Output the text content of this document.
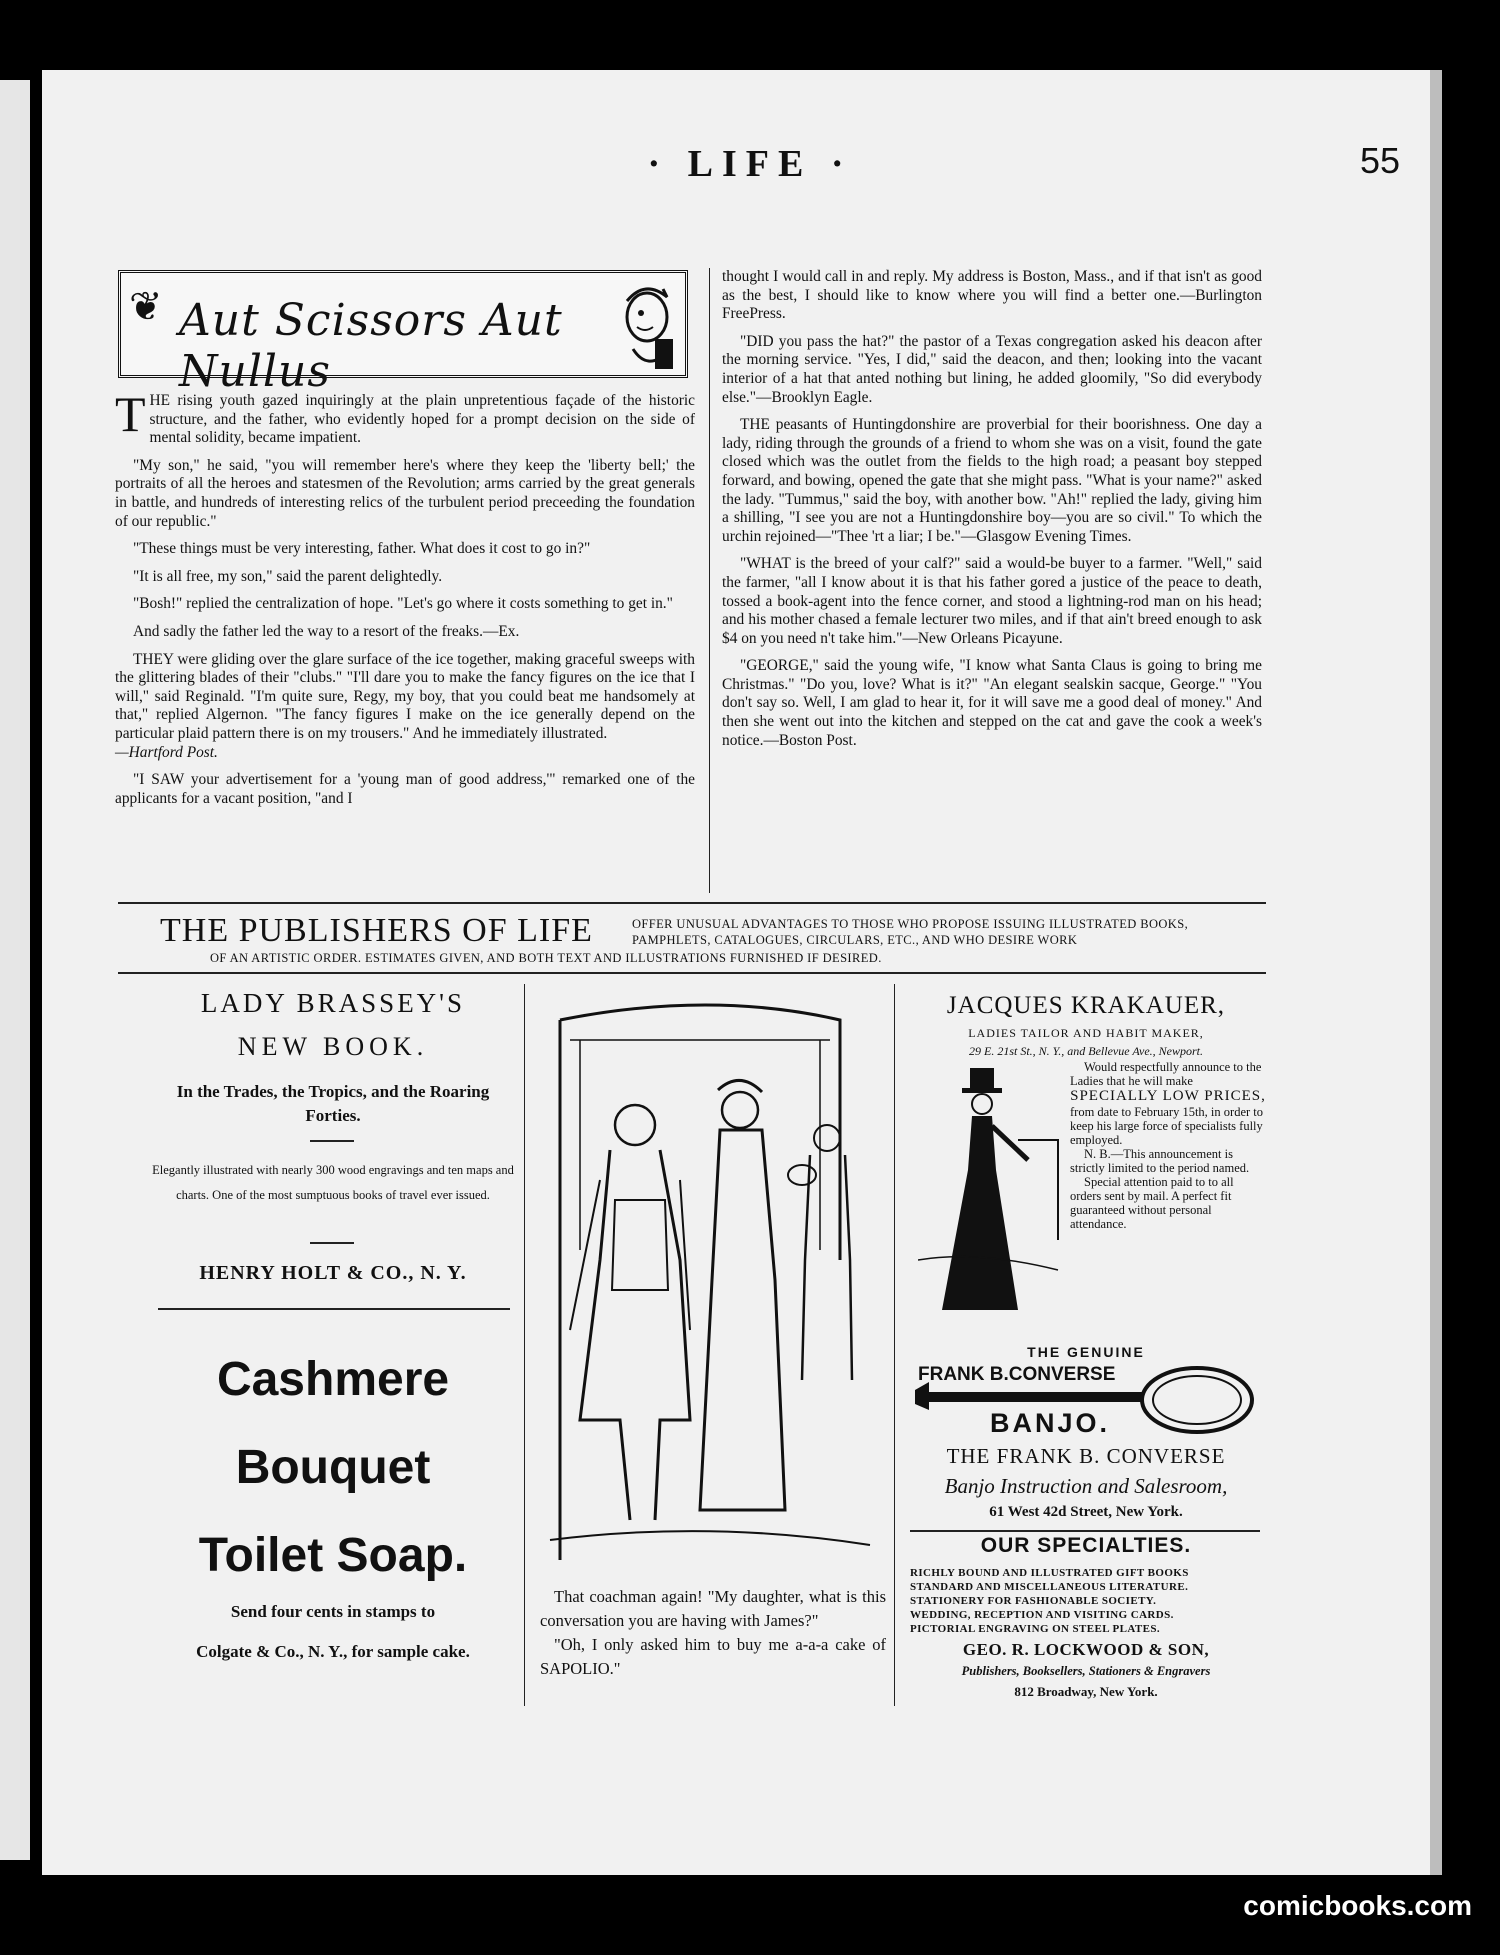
· LIFE ·	55
❦ Aut Scissors Aut Nullus

THE rising youth gazed inquiringly at the plain unpretentious façade of the historic structure, and the father, who evidently hoped for a prompt decision on the side of mental solidity, became impatient.

"My son," he said, "you will remember here's where they keep the 'liberty bell;' the portraits of all the heroes and statesmen of the Revolution; arms carried by the great generals in battle, and hundreds of interesting relics of the turbulent period preceeding the foundation of our republic."

"These things must be very interesting, father. What does it cost to go in?"

"It is all free, my son," said the parent delightedly.

"Bosh!" replied the centralization of hope. "Let's go where it costs something to get in."

And sadly the father led the way to a resort of the freaks.—Ex.

THEY were gliding over the glare surface of the ice together, making graceful sweeps with the glittering blades of their "clubs." "I'll dare you to make the fancy figures on the ice that I will," said Reginald. "I'm quite sure, Regy, my boy, that you could beat me handsomely at that," replied Algernon. "The fancy figures I make on the ice generally depend on the particular plaid pattern there is on my trousers." And he immediately illustrated.

—Hartford Post.

"I SAW your advertisement for a 'young man of good address,'" remarked one of the applicants for a vacant position, "and I

thought I would call in and reply. My address is Boston, Mass., and if that isn't as good as the best, I should like to know where you will find a better one.—Burlington FreePress.

"DID you pass the hat?" the pastor of a Texas congregation asked his deacon after the morning service. "Yes, I did," said the deacon, and then; looking into the vacant interior of a hat that anted nothing but lining, he added gloomily, "So did everybody else."—Brooklyn Eagle.

THE peasants of Huntingdonshire are proverbial for their boorishness. One day a lady, riding through the grounds of a friend to whom she was on a visit, found the gate closed which was the outlet from the fields to the high road; a peasant boy stepped forward, and bowing, opened the gate that she might pass. "What is your name?" asked the lady. "Tummus," said the boy, with another bow. "Ah!" replied the lady, giving him a shilling, "I see you are not a Huntingdonshire boy—you are so civil." To which the urchin rejoined—"Thee 'rt a liar; I be."—Glasgow Evening Times.

"WHAT is the breed of your calf?" said a would-be buyer to a farmer. "Well," said the farmer, "all I know about it is that his father gored a justice of the peace to death, tossed a book-agent into the fence corner, and stood a lightning-rod man on his head; and his mother chased a female lecturer two miles, and if that ain't breed enough to ask $4 on you need n't take him."—New Orleans Picayune.

"GEORGE," said the young wife, "I know what Santa Claus is going to bring me Christmas." "Do you, love? What is it?" "An elegant sealskin sacque, George." "You don't say so. Well, I am glad to hear it, for it will save me a good deal of money." And then she went out into the kitchen and stepped on the cat and gave the cook a week's notice.—Boston Post.

THE PUBLISHERS OF LIFE	OFFER UNUSUAL ADVANTAGES TO THOSE WHO PROPOSE ISSUING ILLUSTRATED BOOKS, PAMPHLETS, CATALOGUES, CIRCULARS, ETC., AND WHO DESIRE WORK
OF AN ARTISTIC ORDER. ESTIMATES GIVEN, AND BOTH TEXT AND ILLUSTRATIONS FURNISHED IF DESIRED.
LADY BRASSEY'S
NEW BOOK.
In the Trades, the Tropics, and the Roaring Forties.
Elegantly illustrated with nearly 300 wood engravings and ten maps and charts. One of the most sumptuous books of travel ever issued.
HENRY HOLT & CO., N. Y.
Cashmere
Bouquet
Toilet Soap.
Send four cents in stamps to
Colgate & Co., N. Y., for sample cake.

That coachman again! "My daughter, what is this conversation you are having with James?"

"Oh, I only asked him to buy me a-a-a cake of SAPOLIO."

JACQUES KRAKAUER,
LADIES TAILOR AND HABIT MAKER,
29 E. 21st St., N. Y., and Bellevue Ave., Newport.
Would respectfully announce to the Ladies that he will make
SPECIALLY LOW PRICES,
from date to February 15th, in order to keep his large force of specialists fully employed.
N. B.—This announcement is strictly limited to the period named.
Special attention paid to to all orders sent by mail. A perfect fit guaranteed without personal attendance.
THE GENUINE
FRANK B.CONVERSE
BANJO.
THE FRANK B. CONVERSE
Banjo Instruction and Salesroom,
61 West 42d Street, New York.
OUR SPECIALTIES.
RICHLY BOUND AND ILLUSTRATED GIFT BOOKS
STANDARD AND MISCELLANEOUS LITERATURE.
STATIONERY FOR FASHIONABLE SOCIETY.
WEDDING, RECEPTION AND VISITING CARDS.
PICTORIAL ENGRAVING ON STEEL PLATES.
GEO. R. LOCKWOOD & SON,
Publishers, Booksellers, Stationers & Engravers
812 Broadway, New York.
comicbooks.com
